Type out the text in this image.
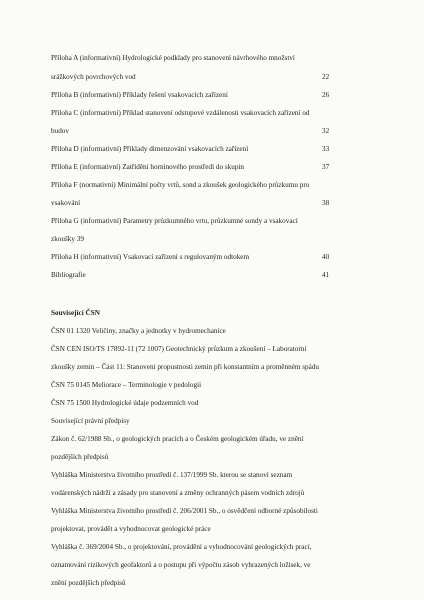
Příloha A (informativní) Hydrologické podklady pro stanovení návrhového množství
srážkových povrchových vod	22
Příloha B (informativní) Příklady řešení vsakovacích zařízení	26
Příloha C (informativní) Příklad stanovení odstupové vzdálenosti vsakovacích zařízení od
budov	32
Příloha D (informativní) Příklady dimenzování vsakovacích zařízení	33
Příloha E (informativní) Zatřídění horninového prostředí do skupin	37
Příloha F (normativní) Minimální počty vrtů, sond a zkoušek geologického průzkumu pro
vsakování	38
Příloha G (informativní) Parametry průzkumného vrtu, průzkumné sondy a vsakovací
zkoušky 39
Příloha H (informativní) Vsakovací zařízení s regulovaným odtokem	40
Bibliografie	41
Související ČSN
ČSN 01 1320 Veličiny, značky a jednotky v hydromechanice
ČSN CEN ISO/TS 17892-11 (72 1007) Geotechnický průzkum a zkoušení – Laboratorní
zkoušky zemin – Část 11: Stanovení propustnosti zemin při konstantním a proměnném spádu
ČSN 75 0145 Meliorace – Terminologie v pedologii
ČSN 75 1500 Hydrologické údaje podzemních vod
Související právní předpisy
Zákon č. 62/1988 Sb., o geologických pracích a o Českém geologickém úřadu, ve znění
pozdějších předpisů
Vyhláška Ministerstva životního prostředí č. 137/1999 Sb. kterou se stanoví seznam
vodárenských nádrží a zásady pro stanovení a změny ochranných pásem vodních zdrojů
Vyhláška Ministerstva životního prostředí č. 206/2001 Sb., o osvědčení odborné způsobilosti
projektovat, provádět a vyhodnocovat geologické práce
Vyhláška č. 369/2004 Sb., o projektování, provádění a vyhodnocování geologických prací,
oznamování rizikových geofaktorů a o postupu při výpočtu zásob vyhrazených ložisek, ve
znění pozdějších předpisů
